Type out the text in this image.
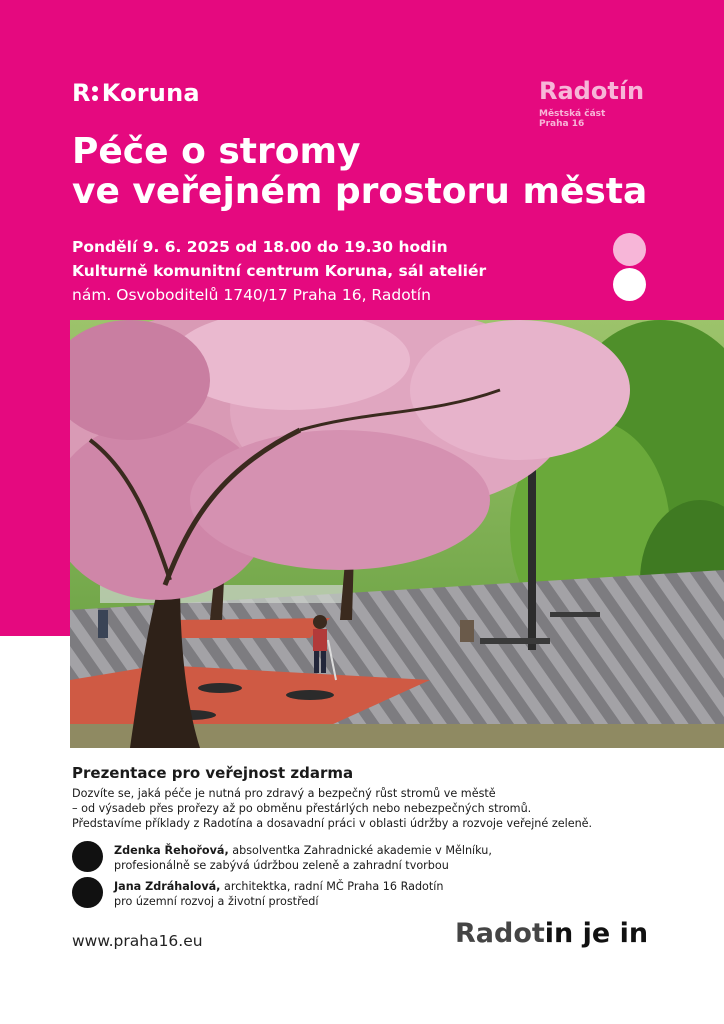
R Koruna	Radotín
Městská část
Praha 16
Péče o stromy
ve veřejném prostoru města
Pondělí 9. 6. 2025 od 18.00 do 19.30 hodin
Kulturně komunitní centrum Koruna, sál ateliér
nám. Osvoboditelů 1740/17 Praha 16, Radotín
Prezentace pro veřejnost zdarma
Dozvíte se, jaká péče je nutná pro zdravý a bezpečný růst stromů ve městě
– od výsadeb přes prořezy až po obměnu přestárlých nebo nebezpečných stromů.
Představíme příklady z Radotína a dosavadní práci v oblasti údržby a rozvoje veřejné zeleně.
Zdenka Řehořová, absolventka Zahradnické akademie v Mělníku,
profesionálně se zabývá údržbou zeleně a zahradní tvorbou
Jana Zdráhalová, architektka, radní MČ Praha 16 Radotín
pro územní rozvoj a životní prostředí
www.praha16.eu	Radotin je in
